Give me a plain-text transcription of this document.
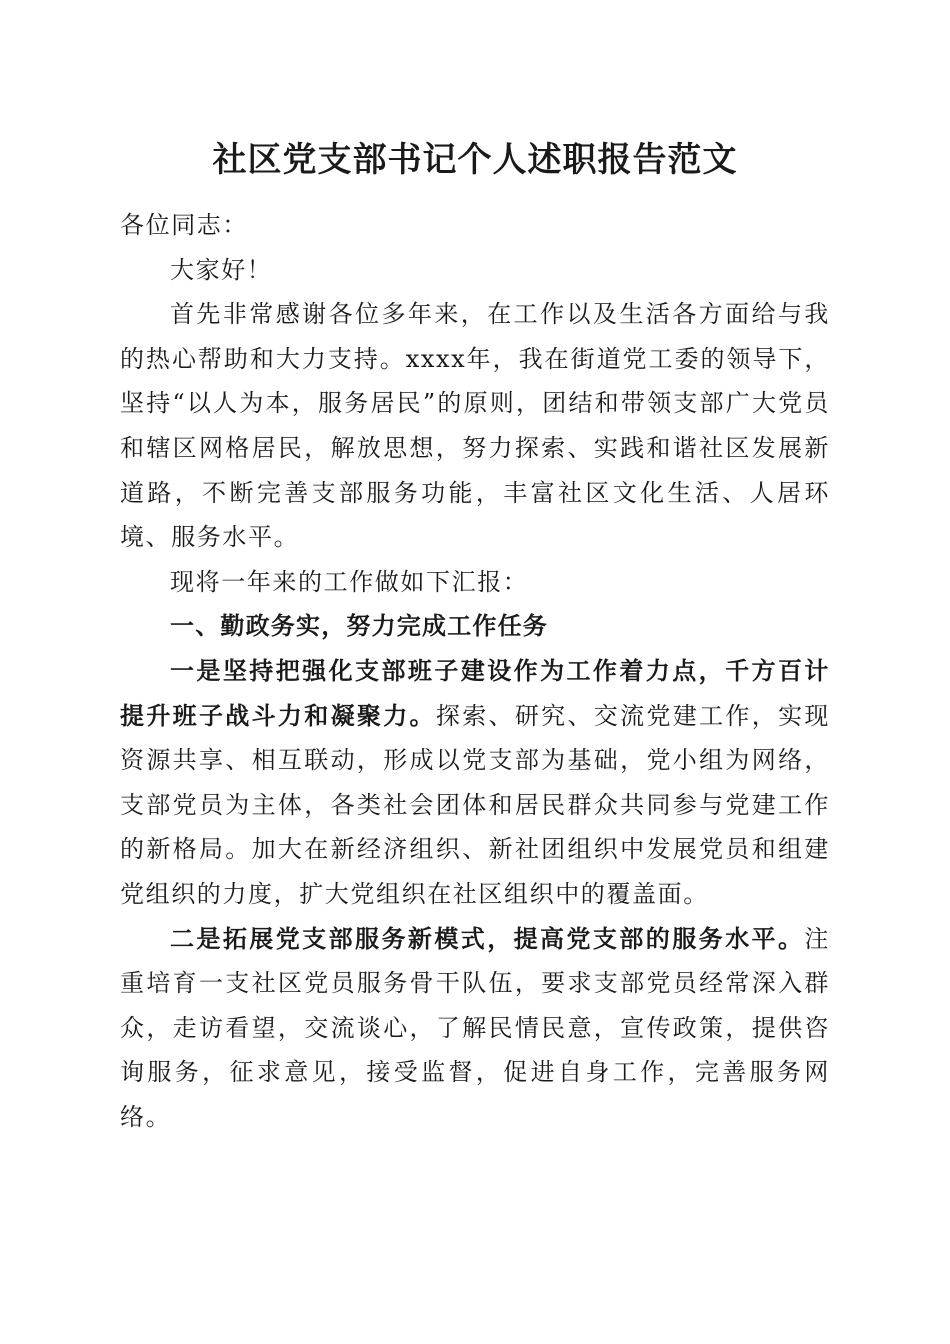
社区党支部书记个人述职报告范文

各位同志：

大家好！

首先非常感谢各位多年来，在工作以及生活各方面给与我的热心帮助和大力支持。xxxx年，我在街道党工委的领导下，坚持“以人为本，服务居民”的原则，团结和带领支部广大党员和辖区网格居民，解放思想，努力探索、实践和谐社区发展新道路，不断完善支部服务功能，丰富社区文化生活、人居环境、服务水平。

现将一年来的工作做如下汇报：

一、勤政务实，努力完成工作任务

一是坚持把强化支部班子建设作为工作着力点，千方百计提升班子战斗力和凝聚力。探索、研究、交流党建工作，实现资源共享、相互联动，形成以党支部为基础，党小组为网络，支部党员为主体，各类社会团体和居民群众共同参与党建工作的新格局。加大在新经济组织、新社团组织中发展党员和组建党组织的力度，扩大党组织在社区组织中的覆盖面。

二是拓展党支部服务新模式，提高党支部的服务水平。注重培育一支社区党员服务骨干队伍，要求支部党员经常深入群众，走访看望，交流谈心，了解民情民意，宣传政策，提供咨询服务，征求意见，接受监督，促进自身工作，完善服务网络。
